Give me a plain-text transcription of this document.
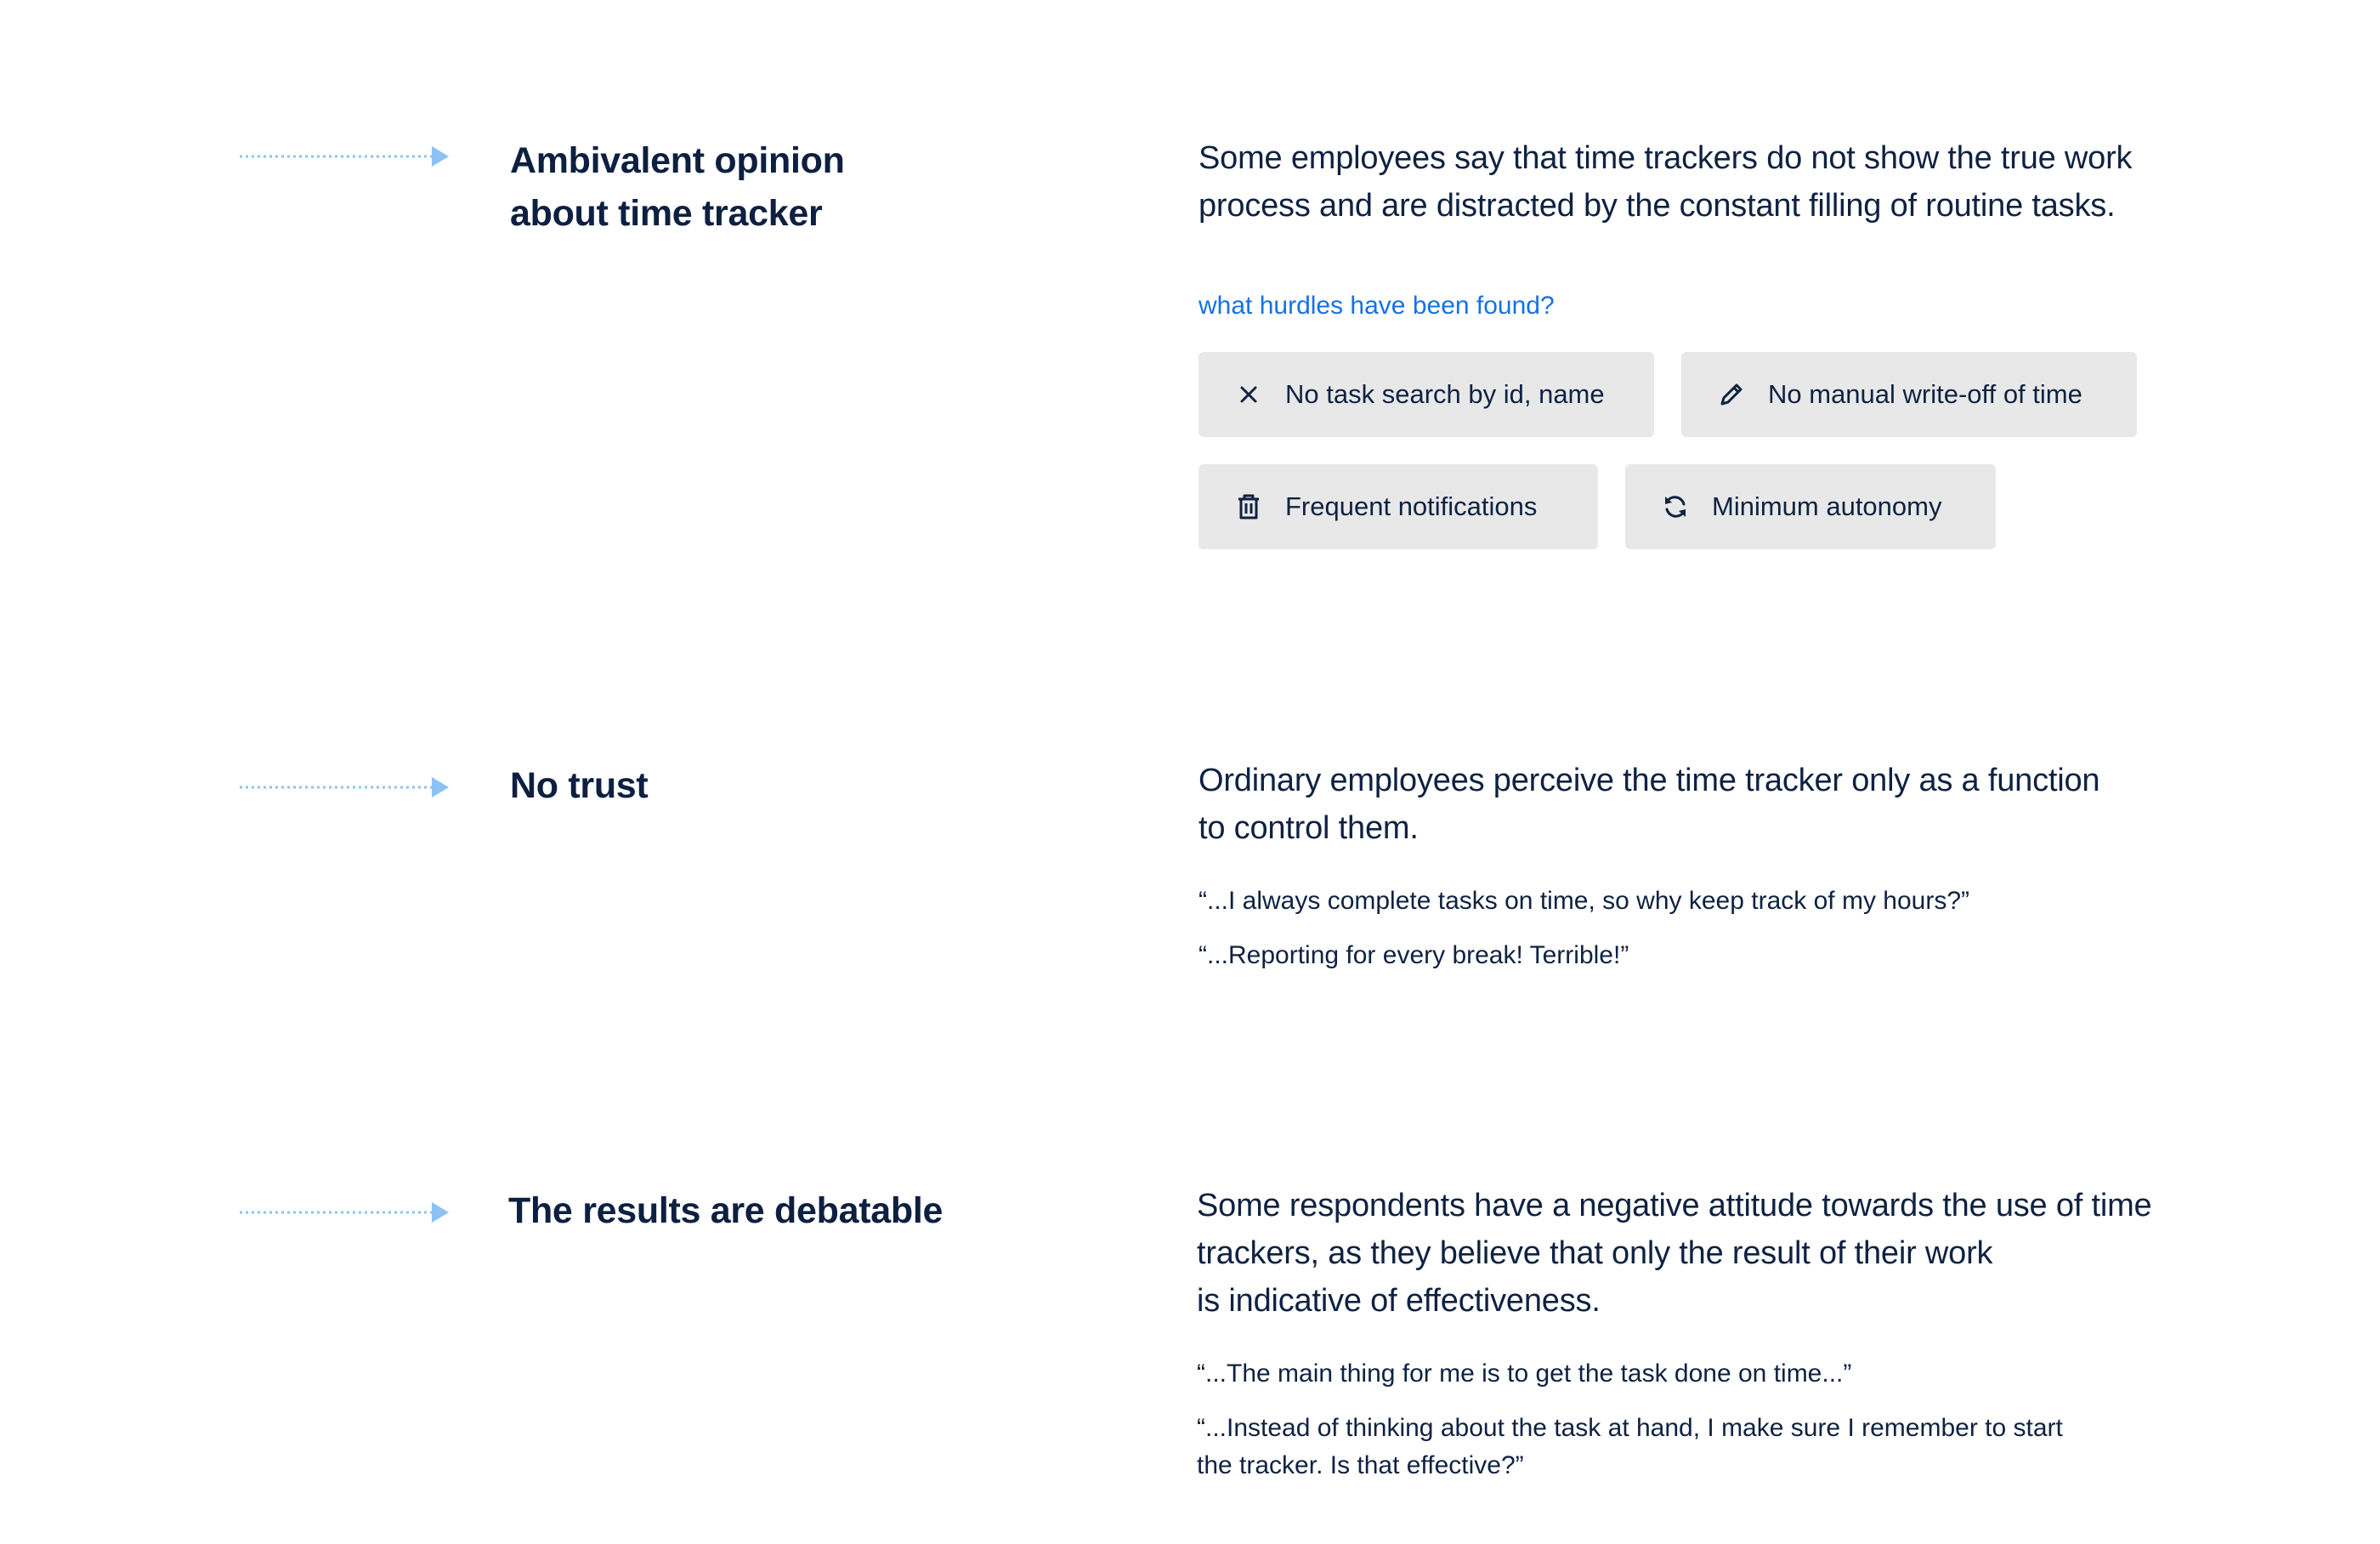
Ambivalent opinion
about time tracker
Some employees say that time trackers do not show the true work
process and are distracted by the constant filling of routine tasks.
what hurdles have been found?
No task search by id, name	No manual write-off of time
Frequent notifications	Minimum autonomy
No trust	Ordinary employees perceive the time tracker only as a function
to control them.
“...I always complete tasks on time, so why keep track of my hours?”
“...Reporting for every break! Terrible!”
The results are debatable	Some respondents have a negative attitude towards the use of time
trackers, as they believe that only the result of their work
is indicative of effectiveness.
“...The main thing for me is to get the task done on time...”
“...Instead of thinking about the task at hand, I make sure I remember to start
the tracker. Is that effective?”
